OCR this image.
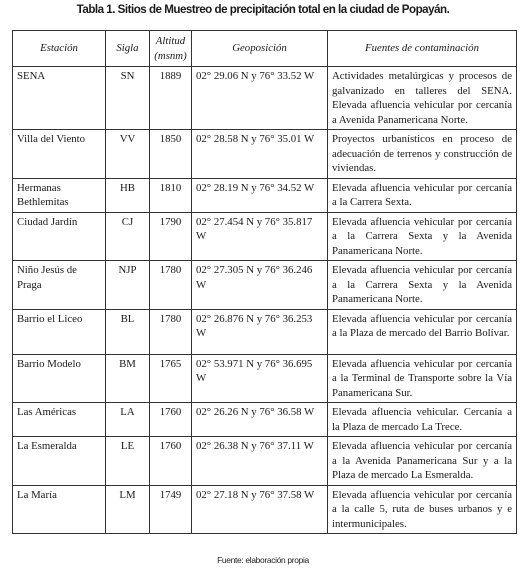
Tabla 1. Sitios de Muestreo de precipitación total en la ciudad de Popayán.
Estación	Sigla	Altitud (msnm)	Geoposición	Fuentes de contaminación
SENA	SN	1889	02° 29.06 N y 76° 33.52 W	Actividades metalúrgicas y procesos de galvanizado en talleres del SENA. Elevada afluencia vehicular por cercanía a Avenida Panamericana Norte.
Villa del Viento	VV	1850	02° 28.58 N y 76° 35.01 W	Proyectos urbanísticos en proceso de adecuación de terrenos y construcción de viviendas.
Hermanas Bethlemitas	HB	1810	02° 28.19 N y 76° 34.52 W	Elevada afluencia vehicular por cercanía a la Carrera Sexta.
Ciudad Jardín	CJ	1790	02° 27.454 N y 76° 35.817 W	Elevada afluencia vehicular por cercanía a la Carrera Sexta y la Avenida Panamericana Norte.
Niño Jesús de Praga	NJP	1780	02° 27.305 N y 76° 36.246 W	Elevada afluencia vehicular por cercanía a la Carrera Sexta y la Avenida Panamericana Norte.
Barrio el Liceo	BL	1780	02° 26.876 N y 76° 36.253 W	Elevada afluencia vehicular por cercanía a la Plaza de mercado del Barrio Bolívar.
Barrio Modelo	BM	1765	02° 53.971 N y 76° 36.695 W	Elevada afluencia vehicular por cercanía a la Terminal de Transporte sobre la Vía Panamericana Sur.
Las Américas	LA	1760	02° 26.26 N y 76° 36.58 W	Elevada afluencia vehicular. Cercanía a la Plaza de mercado La Trece.
La Esmeralda	LE	1760	02° 26.38 N y 76° 37.11 W	Elevada afluencia vehicular por cercanía a la Avenida Panamericana Sur y a la Plaza de mercado La Esmeralda.
La María	LM	1749	02° 27.18 N y 76° 37.58 W	Elevada afluencia vehicular por cercanía a la calle 5, ruta de buses urbanos y e intermunicipales.
Fuente: elaboración propia
